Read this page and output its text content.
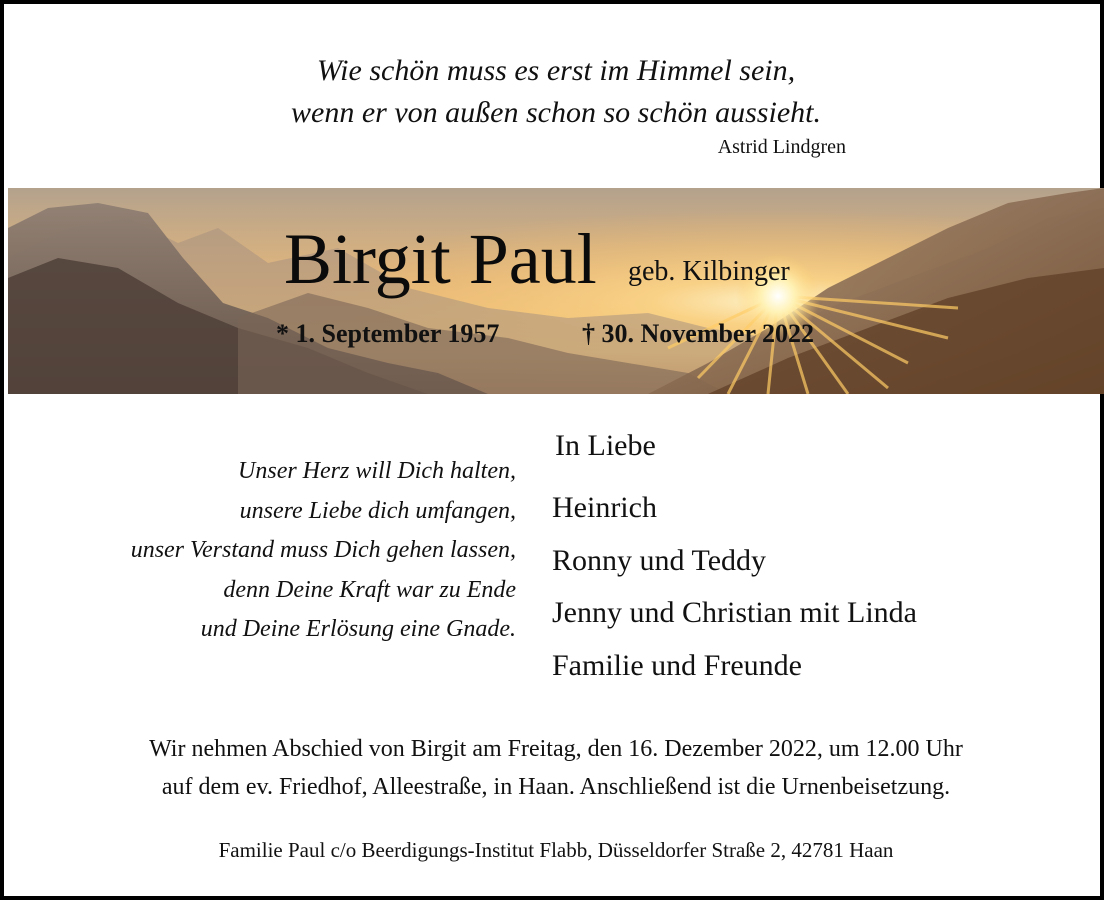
Wie schön muss es erst im Himmel sein,
wenn er von außen schon so schön aussieht.
Astrid Lindgren
Birgit Paul geb. Kilbinger
* 1. September 1957	† 30. November 2022
Unser Herz will Dich halten,
unsere Liebe dich umfangen,
unser Verstand muss Dich gehen lassen,
denn Deine Kraft war zu Ende
und Deine Erlösung eine Gnade.
In Liebe
Heinrich
Ronny und Teddy
Jenny und Christian mit Linda
Familie und Freunde
Wir nehmen Abschied von Birgit am Freitag, den 16. Dezember 2022, um 12.00 Uhr
auf dem ev. Friedhof, Alleestraße, in Haan. Anschließend ist die Urnenbeisetzung.
Familie Paul c/o Beerdigungs-Institut Flabb, Düsseldorfer Straße 2, 42781 Haan
